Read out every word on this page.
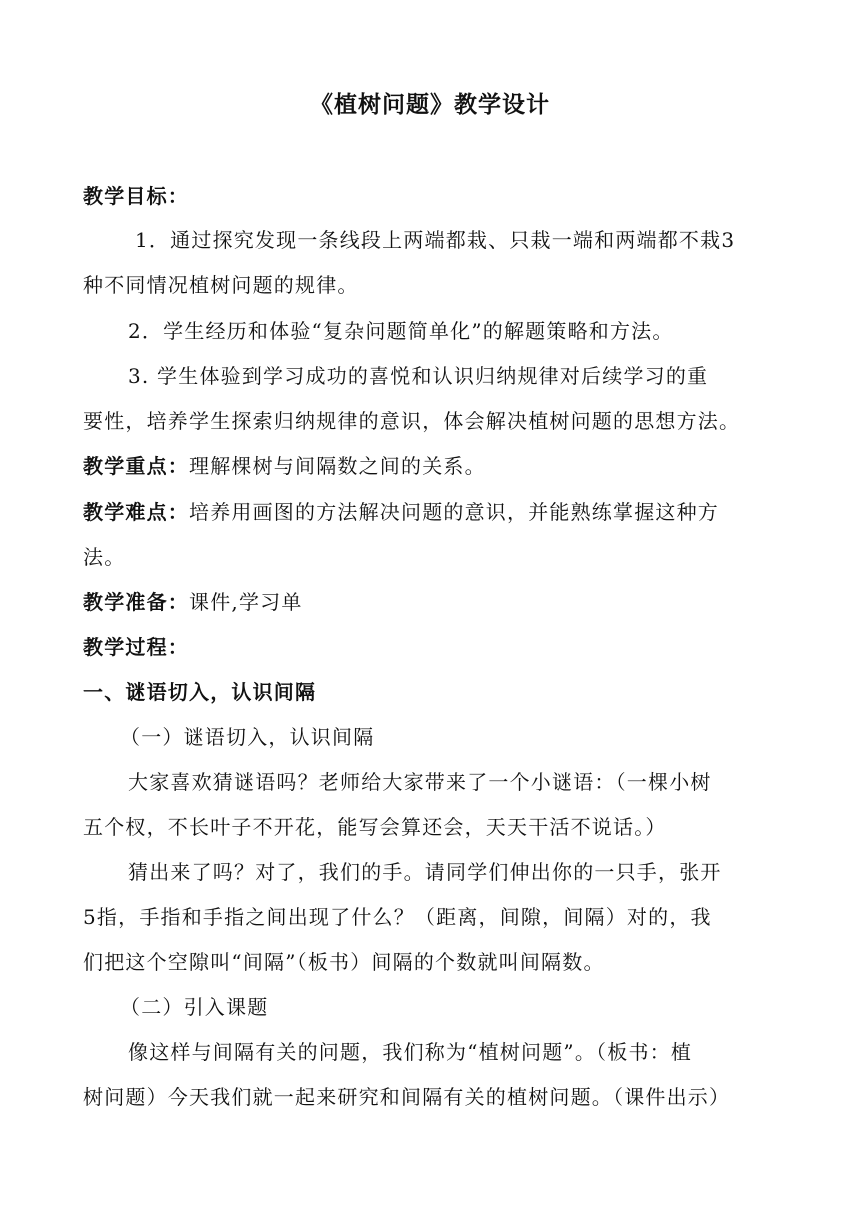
《植树问题》教学设计
教学目标：
1．通过探究发现一条线段上两端都栽、只栽一端和两端都不栽3
种不同情况植树问题的规律。
2．学生经历和体验“复杂问题简单化”的解题策略和方法。
3. 学生体验到学习成功的喜悦和认识归纳规律对后续学习的重
要性，培养学生探索归纳规律的意识，体会解决植树问题的思想方法。
教学重点：理解棵树与间隔数之间的关系。
教学难点：培养用画图的方法解决问题的意识，并能熟练掌握这种方
法。
教学准备：课件,学习单
教学过程：
一、谜语切入，认识间隔
（一）谜语切入，认识间隔
大家喜欢猜谜语吗？老师给大家带来了一个小谜语：（一棵小树
五个杈，不长叶子不开花，能写会算还会，天天干活不说话。）
猜出来了吗？对了，我们的手。请同学们伸出你的一只手，张开
5指，手指和手指之间出现了什么？（距离，间隙，间隔）对的，我
们把这个空隙叫“间隔”（板书）间隔的个数就叫间隔数。
（二）引入课题
像这样与间隔有关的问题，我们称为“植树问题”。（板书：植
树问题）今天我们就一起来研究和间隔有关的植树问题。（课件出示）
